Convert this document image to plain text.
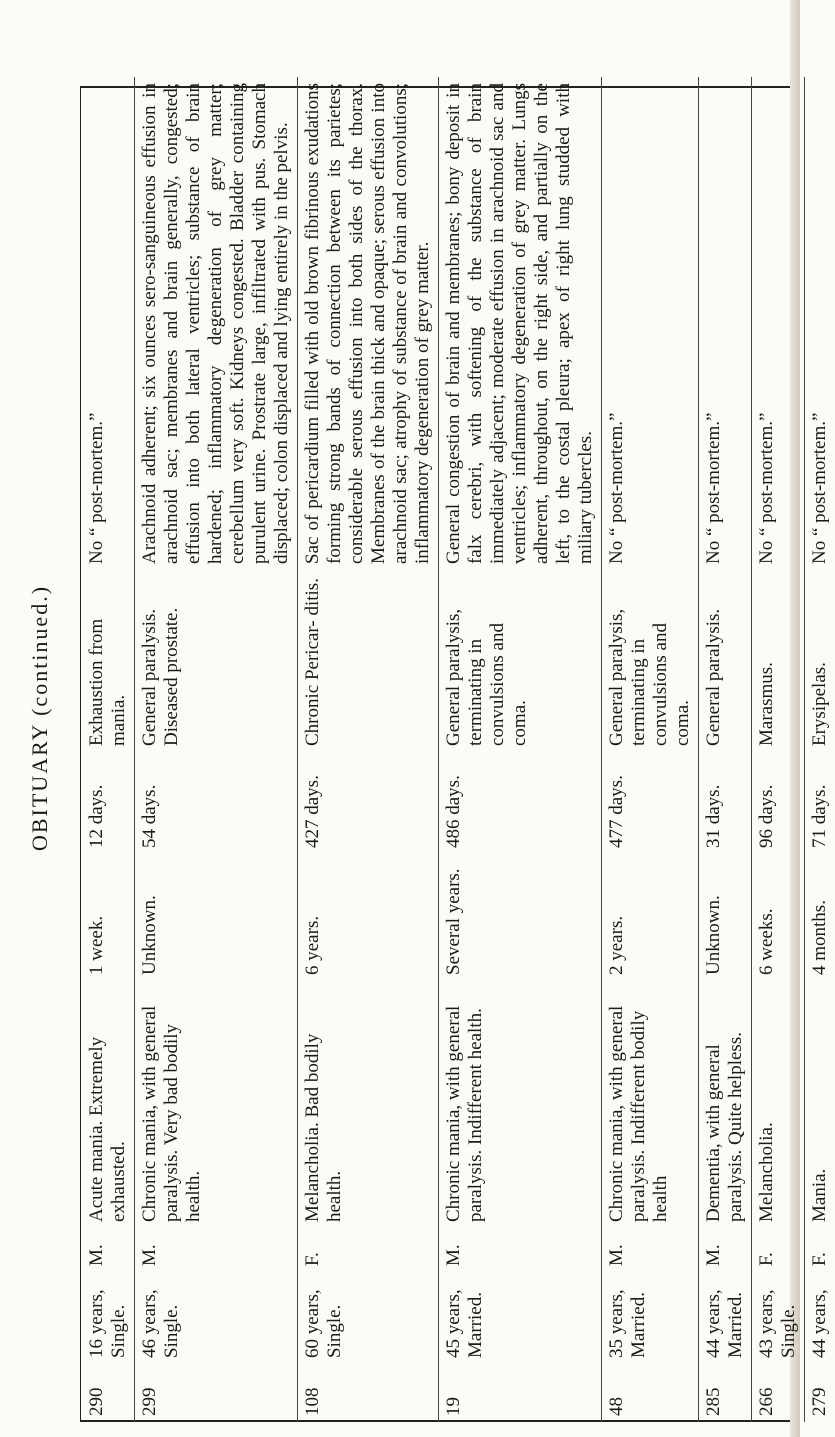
OBITUARY (continued.)
290	16 years, Single.	M.	Acute mania. Extremely exhausted.	1 week.	12 days.	Exhaustion from mania.	No “ post-mortem.”
299	46 years, Single.	M.	Chronic mania, with general paralysis. Very bad bodily health.	Unknown.	54 days.	General paralysis. Diseased prostate.	Arachnoid adherent; six ounces sero-sanguineous effusion in arachnoid sac; membranes and brain generally, congested; effusion into both lateral ventricles; substance of brain hardened; inflammatory degeneration of grey matter; cerebellum very soft. Kidneys congested. Bladder containing purulent urine. Prostrate large, infiltrated with pus. Stomach displaced; colon displaced and lying entirely in the pelvis.
108	60 years, Single.	F.	Melancholia. Bad bodily health.	6 years.	427 days.	Chronic Pericar- ditis.	Sac of pericardium filled with old brown fibrinous exudations forming strong bands of connection between its parietes; considerable serous effusion into both sides of the thorax. Membranes of the brain thick and opaque; serous effusion into arachnoid sac; atrophy of substance of brain and convolutions; inflammatory degeneration of grey matter.
19	45 years, Married.	M.	Chronic mania, with general paralysis. Indifferent health.	Several years.	486 days.	General paralysis, terminating in convulsions and coma.	General congestion of brain and membranes; bony deposit in falx cerebri, with softening of the substance of brain immediately adjacent; moderate effusion in arachnoid sac and ventricles; inflammatory degeneration of grey matter. Lungs adherent, throughout, on the right side, and partially on the left, to the costal pleura; apex of right lung studded with miliary tubercles.
48	35 years, Married.	M.	Chronic mania, with general paralysis. Indifferent bodily health	2 years.	477 days.	General paralysis, terminating in convulsions and coma.	No “ post-mortem.”
285	44 years, Married.	M.	Dementia, with general paralysis. Quite helpless.	Unknown.	31 days.	General paralysis.	No “ post-mortem.”
266	43 years, Single.	F.	Melancholia.	6 weeks.	96 days.	Marasmus.	No “ post-mortem.”
279	44 years,	F.	Mania.	4 months.	71 days.	Erysipelas.	No “ post-mortem.”
